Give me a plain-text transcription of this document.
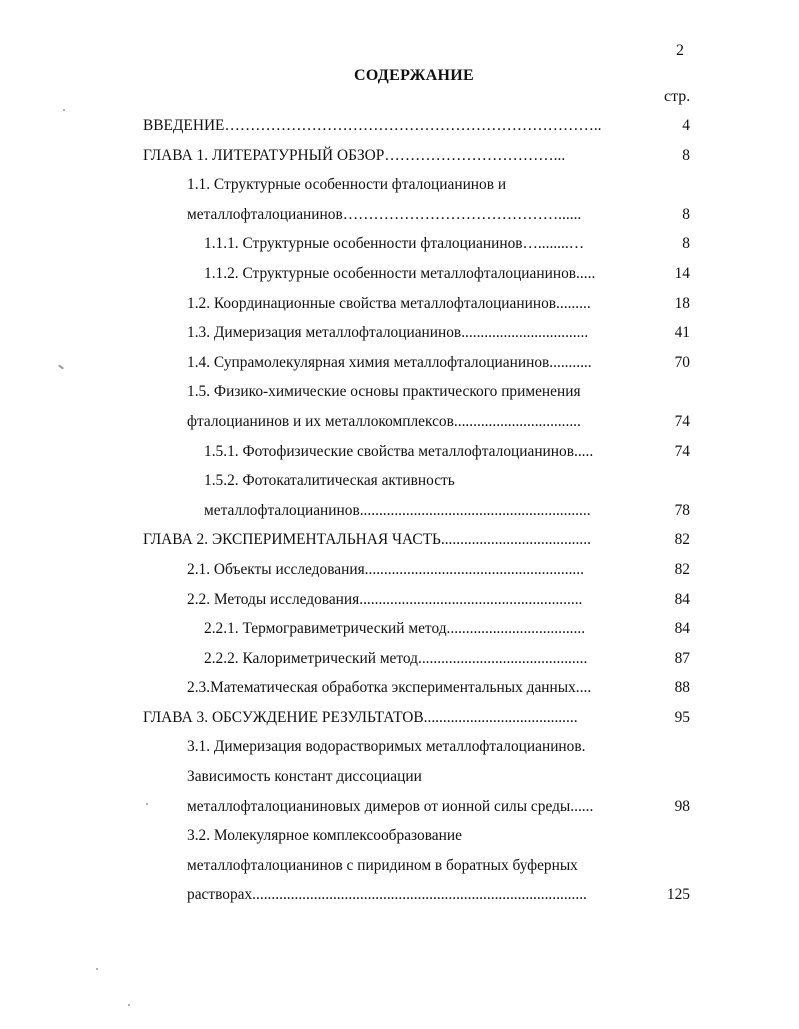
2
СОДЕРЖАНИЕ
стр.
ВВЕДЕНИЕ………………………………………………………………..	4
ГЛАВА 1. ЛИТЕРАТУРНЫЙ ОБЗОР……………………………...	8
1.1. Структурные особенности фталоцианинов и
металлофталоцианинов……………………………………......	8
1.1.1. Структурные особенности фталоцианинов…........…	8
1.1.2. Структурные особенности металлофталоцианинов.....	14
1.2. Координационные свойства металлофталоцианинов.........	18
1.3. Димеризация металлофталоцианинов.................................	41
1.4. Супрамолекулярная химия металлофталоцианинов...........	70
1.5. Физико-химические основы практического применения
фталоцианинов и их металлокомплексов.................................	74
1.5.1. Фотофизические свойства металлофталоцианинов.....	74
1.5.2. Фотокаталитическая активность
металлофталоцианинов............................................................	78
ГЛАВА 2. ЭКСПЕРИМЕНТАЛЬНАЯ ЧАСТЬ.......................................	82
2.1. Объекты исследования.........................................................	82
2.2. Методы исследования..........................................................	84
2.2.1. Термогравиметрический метод....................................	84
2.2.2. Калориметрический метод............................................	87
2.3.Математическая обработка экспериментальных данных....	88
ГЛАВА 3. ОБСУЖДЕНИЕ РЕЗУЛЬТАТОВ........................................	95
3.1. Димеризация водорастворимых металлофталоцианинов.
Зависимость констант диссоциации
металлофталоцианиновых димеров от ионной силы среды......	98
3.2. Молекулярное комплексообразование
металлофталоцианинов с пиридином в боратных буферных
растворах.......................................................................................	125
